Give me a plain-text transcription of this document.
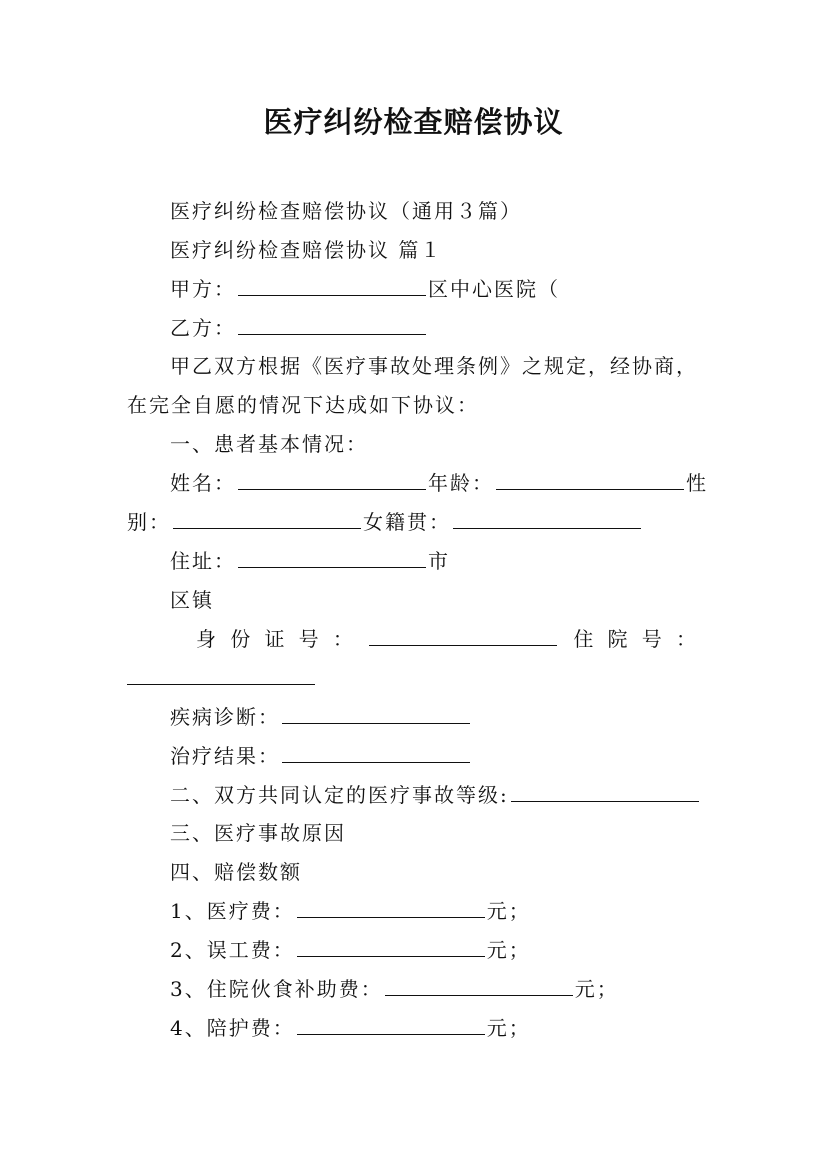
医疗纠纷检查赔偿协议
医疗纠纷检查赔偿协议（通用３篇）
医疗纠纷检查赔偿协议 篇１
甲方：	区中心医院（
乙方：
甲乙双方根据《医疗事故处理条例》之规定，经协商，
在完全自愿的情况下达成如下协议：
一、患者基本情况：
姓名：	年龄：	性
别：	女籍贯：
住址：	市
区镇
身 份 证 号 ：	住 院 号 ：
疾病诊断：
治疗结果：
二、双方共同认定的医疗事故等级:
三、医疗事故原因
四、赔偿数额
1、医疗费：	元；
2、误工费：	元；
3、住院伙食补助费：	元；
4、陪护费：	元；
